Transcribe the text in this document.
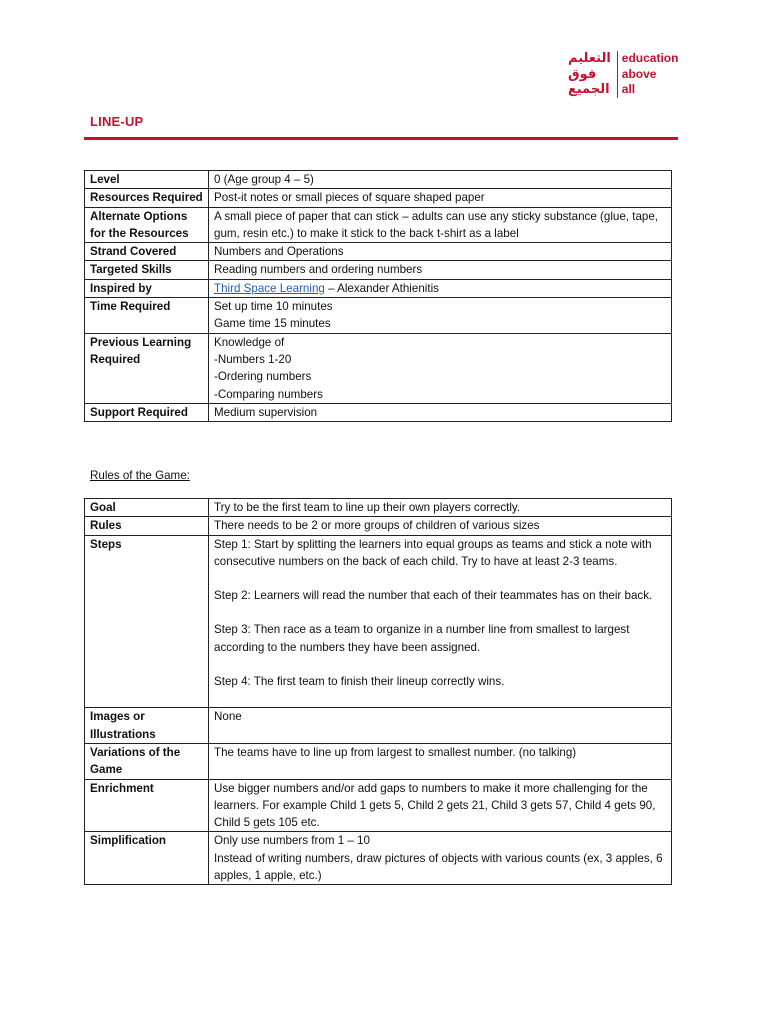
التعليم
فوق
الجميع
education
above
all
LINE-UP
Level	0 (Age group 4 – 5)
Resources Required	Post-it notes or small pieces of square shaped paper
Alternate Options for the Resources	A small piece of paper that can stick – adults can use any sticky substance (glue, tape, gum, resin etc.) to make it stick to the back t-shirt as a label
Strand Covered	Numbers and Operations
Targeted Skills	Reading numbers and ordering numbers
Inspired by	Third Space Learning – Alexander Athienitis
Time Required	Set up time 10 minutes
Game time 15 minutes
Previous Learning Required	Knowledge of
-Numbers 1-20
-Ordering numbers
-Comparing numbers
Support Required	Medium supervision
Rules of the Game:
Goal	Try to be the first team to line up their own players correctly.
Rules	There needs to be 2 or more groups of children of various sizes
Steps	Step 1: Start by splitting the learners into equal groups as teams and stick a note with consecutive numbers on the back of each child. Try to have at least 2-3 teams.
Step 2: Learners will read the number that each of their teammates has on their back.
Step 3: Then race as a team to organize in a number line from smallest to largest according to the numbers they have been assigned.
Step 4: The first team to finish their lineup correctly wins.

Images or Illustrations	None
Variations of the Game	The teams have to line up from largest to smallest number. (no talking)
Enrichment	Use bigger numbers and/or add gaps to numbers to make it more challenging for the learners. For example Child 1 gets 5, Child 2 gets 21, Child 3 gets 57, Child 4 gets 90, Child 5 gets 105 etc.
Simplification	Only use numbers from 1 – 10
Instead of writing numbers, draw pictures of objects with various counts (ex, 3 apples, 6 apples, 1 apple, etc.)
